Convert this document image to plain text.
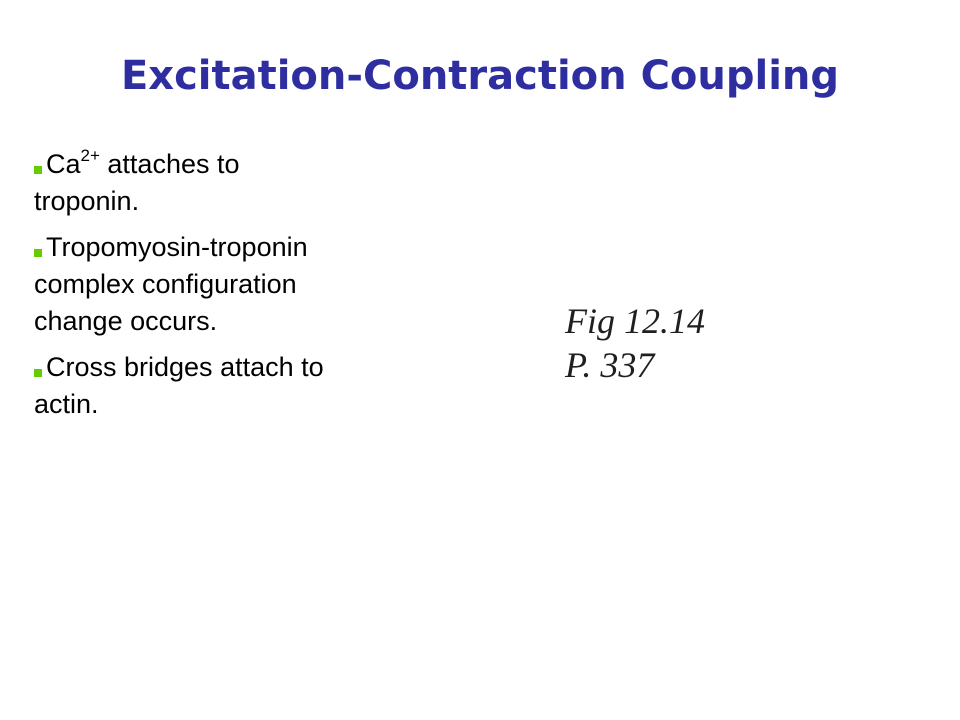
Excitation-Contraction Coupling
$Ca^{2+}$ attaches to troponin.
Tropomyosin-troponin complex configuration change occurs.
Cross bridges attach to actin.
Fig 12.14
P. 337
